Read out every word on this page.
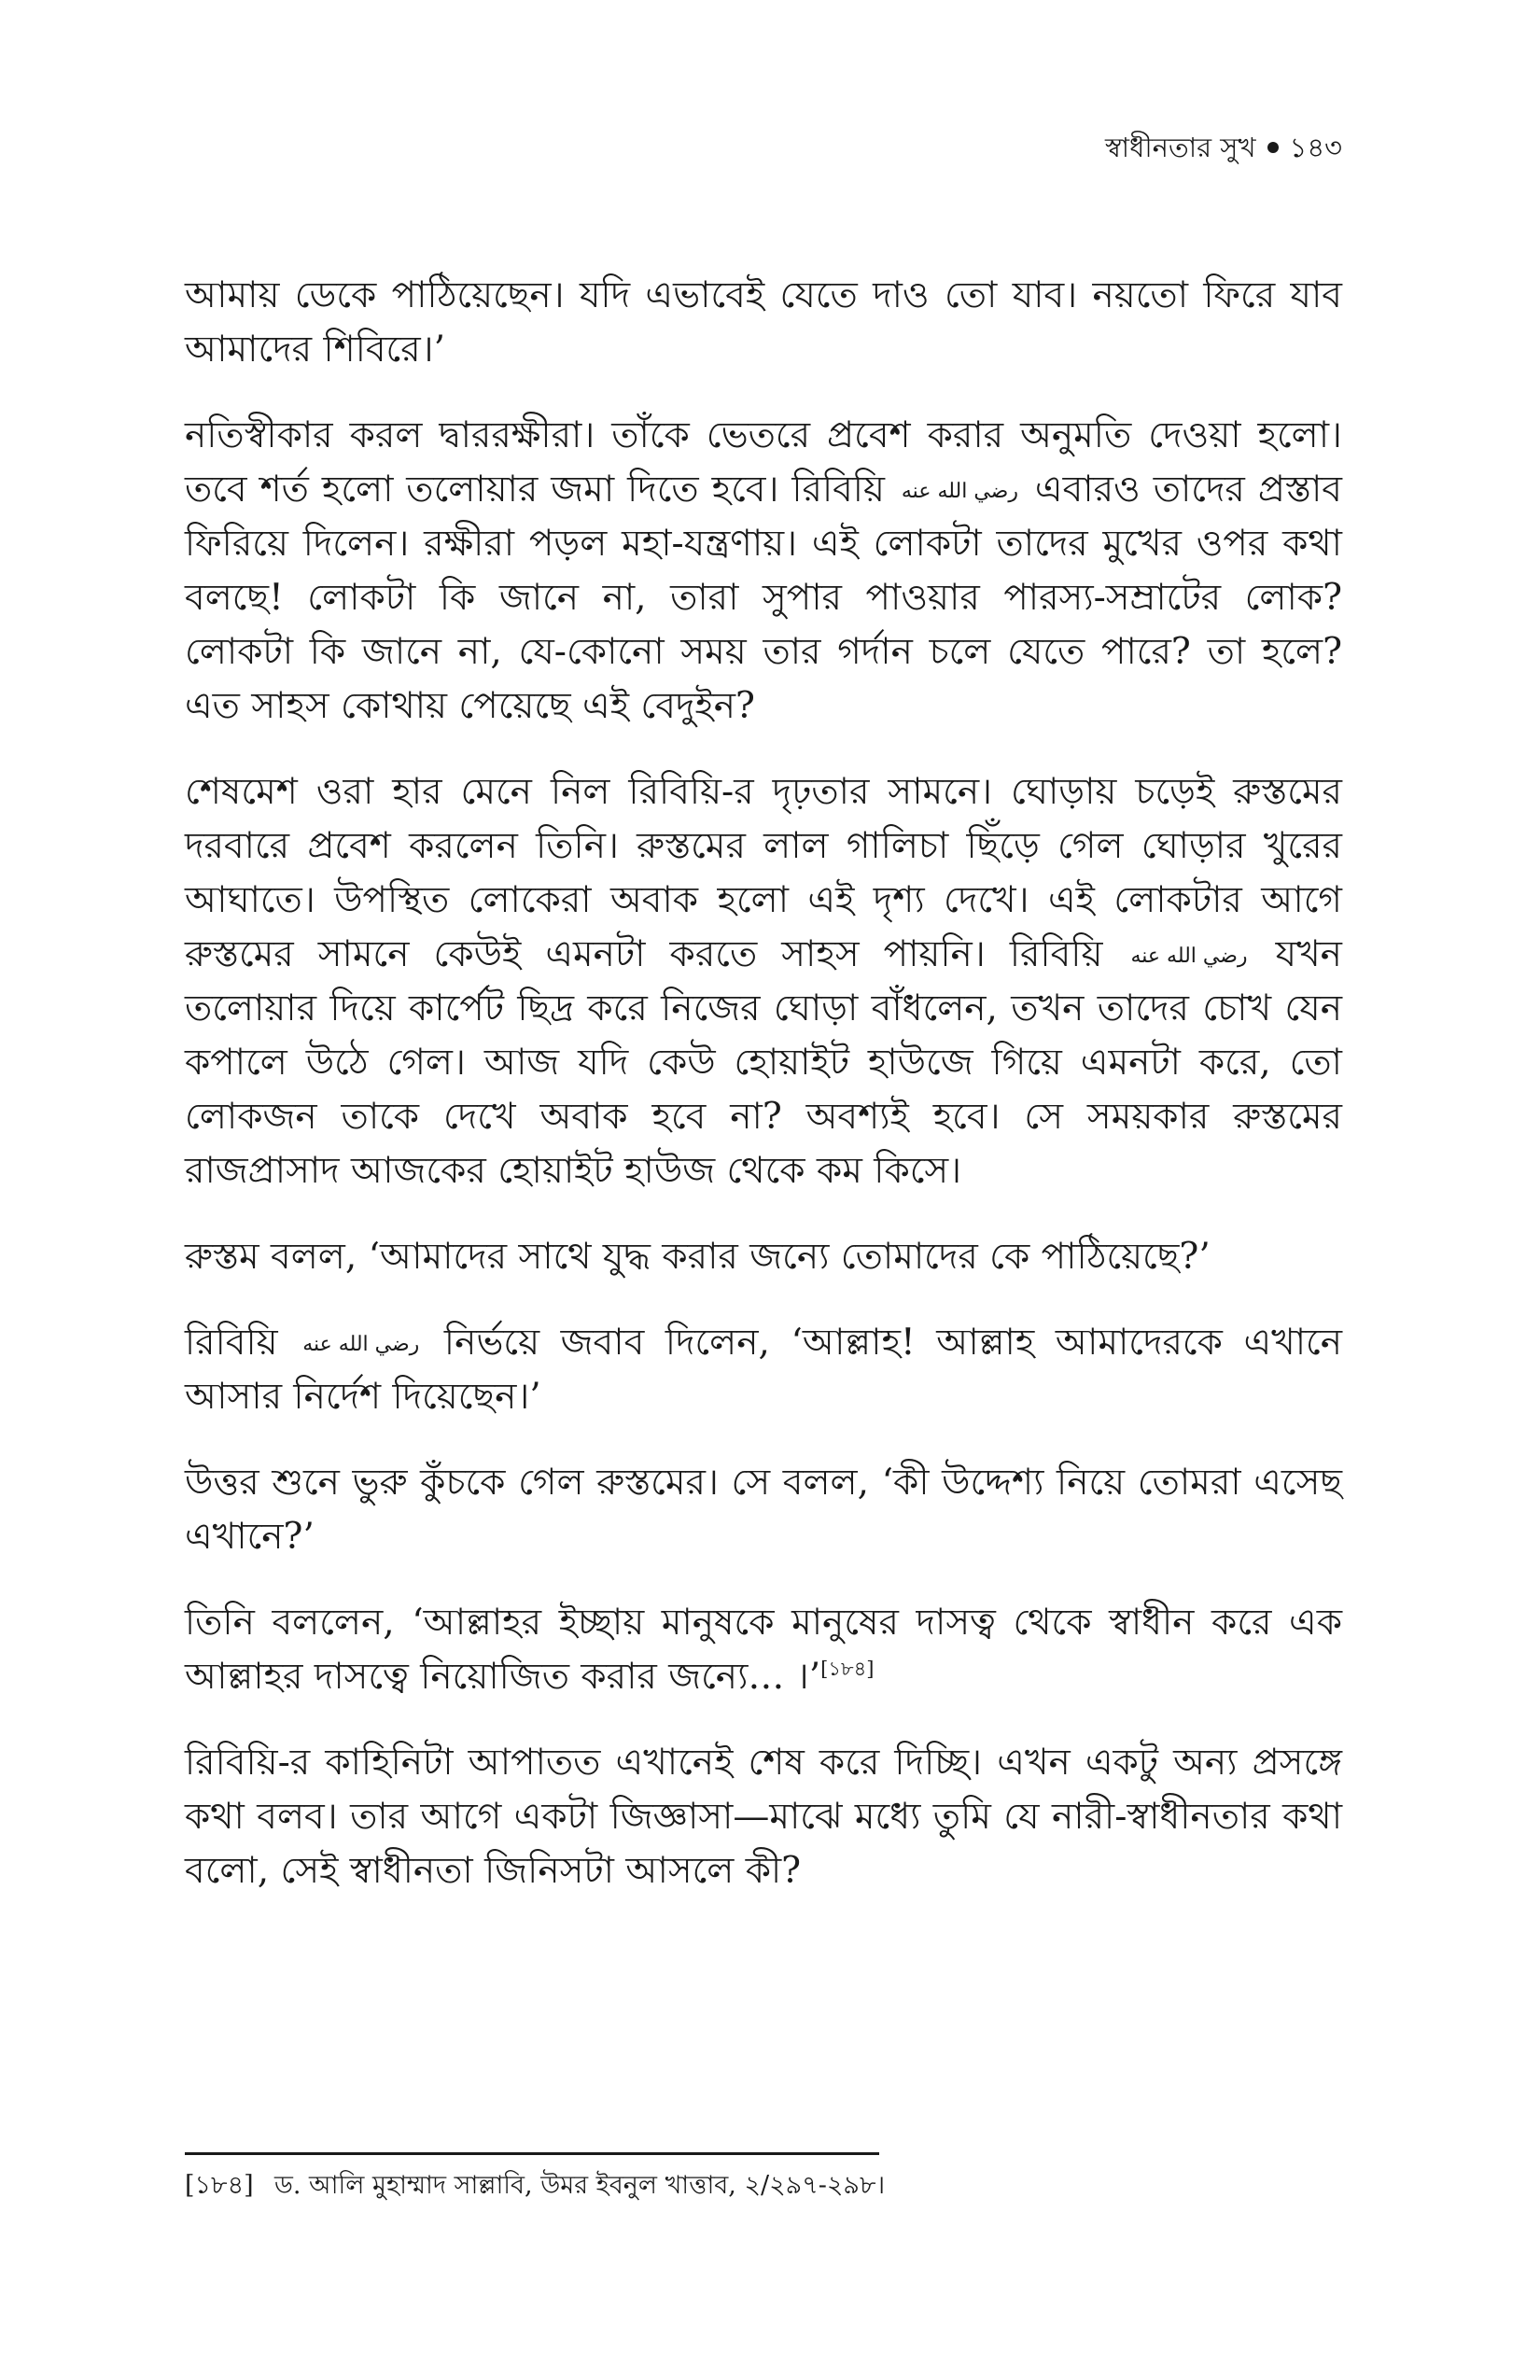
স্বাধীনতার সুখ ১৪৩

আমায় ডেকে পাঠিয়েছেন। যদি এভাবেই যেতে দাও তো যাব। নয়তো ফিরে যাব আমাদের শিবিরে।’

নতিস্বীকার করল দ্বাররক্ষীরা। তাঁকে ভেতরে প্রবেশ করার অনুমতি দেওয়া হলো। তবে শর্ত হলো তলোয়ার জমা দিতে হবে। রিবিয়ি رضي الله عنه এবারও তাদের প্রস্তাব ফিরিয়ে দিলেন। রক্ষীরা পড়ল মহা-যন্ত্রণায়। এই লোকটা তাদের মুখের ওপর কথা বলছে! লোকটা কি জানে না, তারা সুপার পাওয়ার পারস্য-সম্রাটের লোক? লোকটা কি জানে না, যে-কোনো সময় তার গর্দান চলে যেতে পারে? তা হলে? এত সাহস কোথায় পেয়েছে এই বেদুইন?

শেষমেশ ওরা হার মেনে নিল রিবিয়ি-র দৃঢ়তার সামনে। ঘোড়ায় চড়েই রুস্তমের দরবারে প্রবেশ করলেন তিনি। রুস্তমের লাল গালিচা ছিঁড়ে গেল ঘোড়ার খুরের আঘাতে। উপস্থিত লোকেরা অবাক হলো এই দৃশ্য দেখে। এই লোকটার আগে রুস্তমের সামনে কেউই এমনটা করতে সাহস পায়নি। রিবিয়ি رضي الله عنه যখন তলোয়ার দিয়ে কার্পেট ছিদ্র করে নিজের ঘোড়া বাঁধলেন, তখন তাদের চোখ যেন কপালে উঠে গেল। আজ যদি কেউ হোয়াইট হাউজে গিয়ে এমনটা করে, তো লোকজন তাকে দেখে অবাক হবে না? অবশ্যই হবে। সে সময়কার রুস্তমের রাজপ্রাসাদ আজকের হোয়াইট হাউজ থেকে কম কিসে।

রুস্তম বলল, ‘আমাদের সাথে যুদ্ধ করার জন্যে তোমাদের কে পাঠিয়েছে?’

রিবিয়ি رضي الله عنه নির্ভয়ে জবাব দিলেন, ‘আল্লাহ! আল্লাহ আমাদেরকে এখানে আসার নির্দেশ দিয়েছেন।’

উত্তর শুনে ভুরু কুঁচকে গেল রুস্তমের। সে বলল, ‘কী উদ্দেশ্য নিয়ে তোমরা এসেছ এখানে?’

তিনি বললেন, ‘আল্লাহর ইচ্ছায় মানুষকে মানুষের দাসত্ব থেকে স্বাধীন করে এক আল্লাহর দাসত্বে নিয়োজিত করার জন্যে… ।’[১৮৪]

রিবিয়ি-র কাহিনিটা আপাতত এখানেই শেষ করে দিচ্ছি। এখন একটু অন্য প্রসঙ্গে কথা বলব। তার আগে একটা জিজ্ঞাসা—মাঝে মধ্যে তুমি যে নারী-স্বাধীনতার কথা বলো, সেই স্বাধীনতা জিনিসটা আসলে কী?

[১৮৪] ড. আলি মুহাম্মাদ সাল্লাবি, উমর ইবনুল খাত্তাব, ২/২৯৭-২৯৮।
